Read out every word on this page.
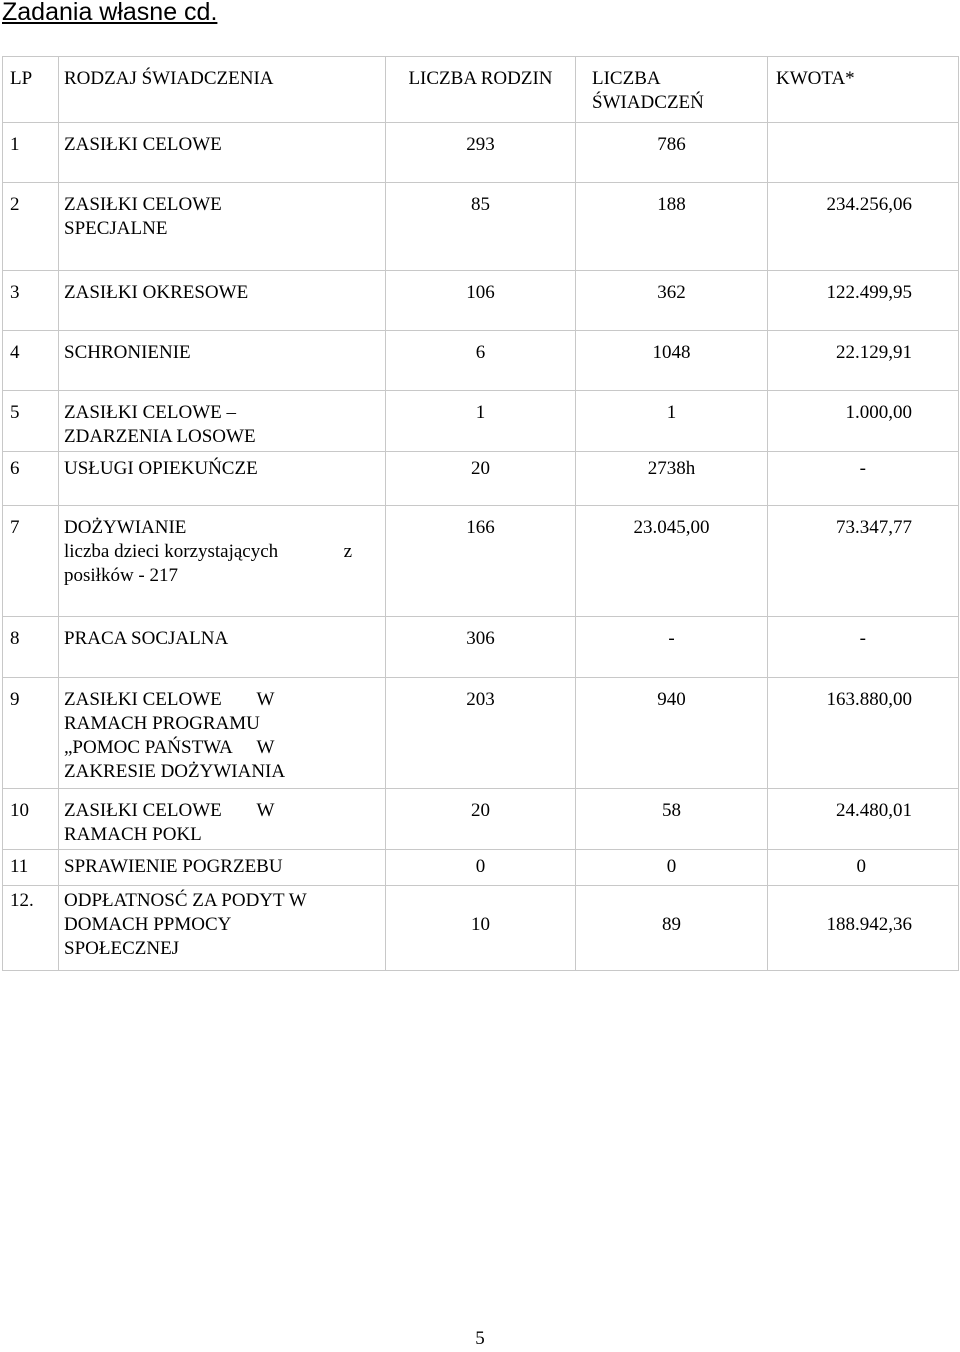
Zadania własne cd.
LP	RODZAJ ŚWIADCZENIA	LICZBA RODZIN	LICZBA
ŚWIADCZEŃ	KWOTA*
1	ZASIŁKI CELOWE	293	786	
2	ZASIŁKI CELOWE
SPECJALNE	85	188	234.256,06
3	ZASIŁKI OKRESOWE	106	362	122.499,95
4	SCHRONIENIE	6	1048	22.129,91
5	ZASIŁKI CELOWE –
ZDARZENIA LOSOWE	1	1	1.000,00
6	USŁUGI OPIEKUŃCZE	20	2738h	-
7	DOŻYWIANIE
liczba dzieci korzystających z
posiłków - 217	166	23.045,00	73.347,77
8	PRACA SOCJALNA	306	-	-
9	ZASIŁKI CELOWE W
RAMACH PROGRAMU
„POMOC PAŃSTWA W
ZAKRESIE DOŻYWIANIA	203	940	163.880,00
10	ZASIŁKI CELOWE W
RAMACH POKL	20	58	24.480,01
11	SPRAWIENIE POGRZEBU	0	0	0
12.	ODPŁATNOSĆ ZA PODYT W
DOMACH PPMOCY
SPOŁECZNEJ	10	89	188.942,36
5
